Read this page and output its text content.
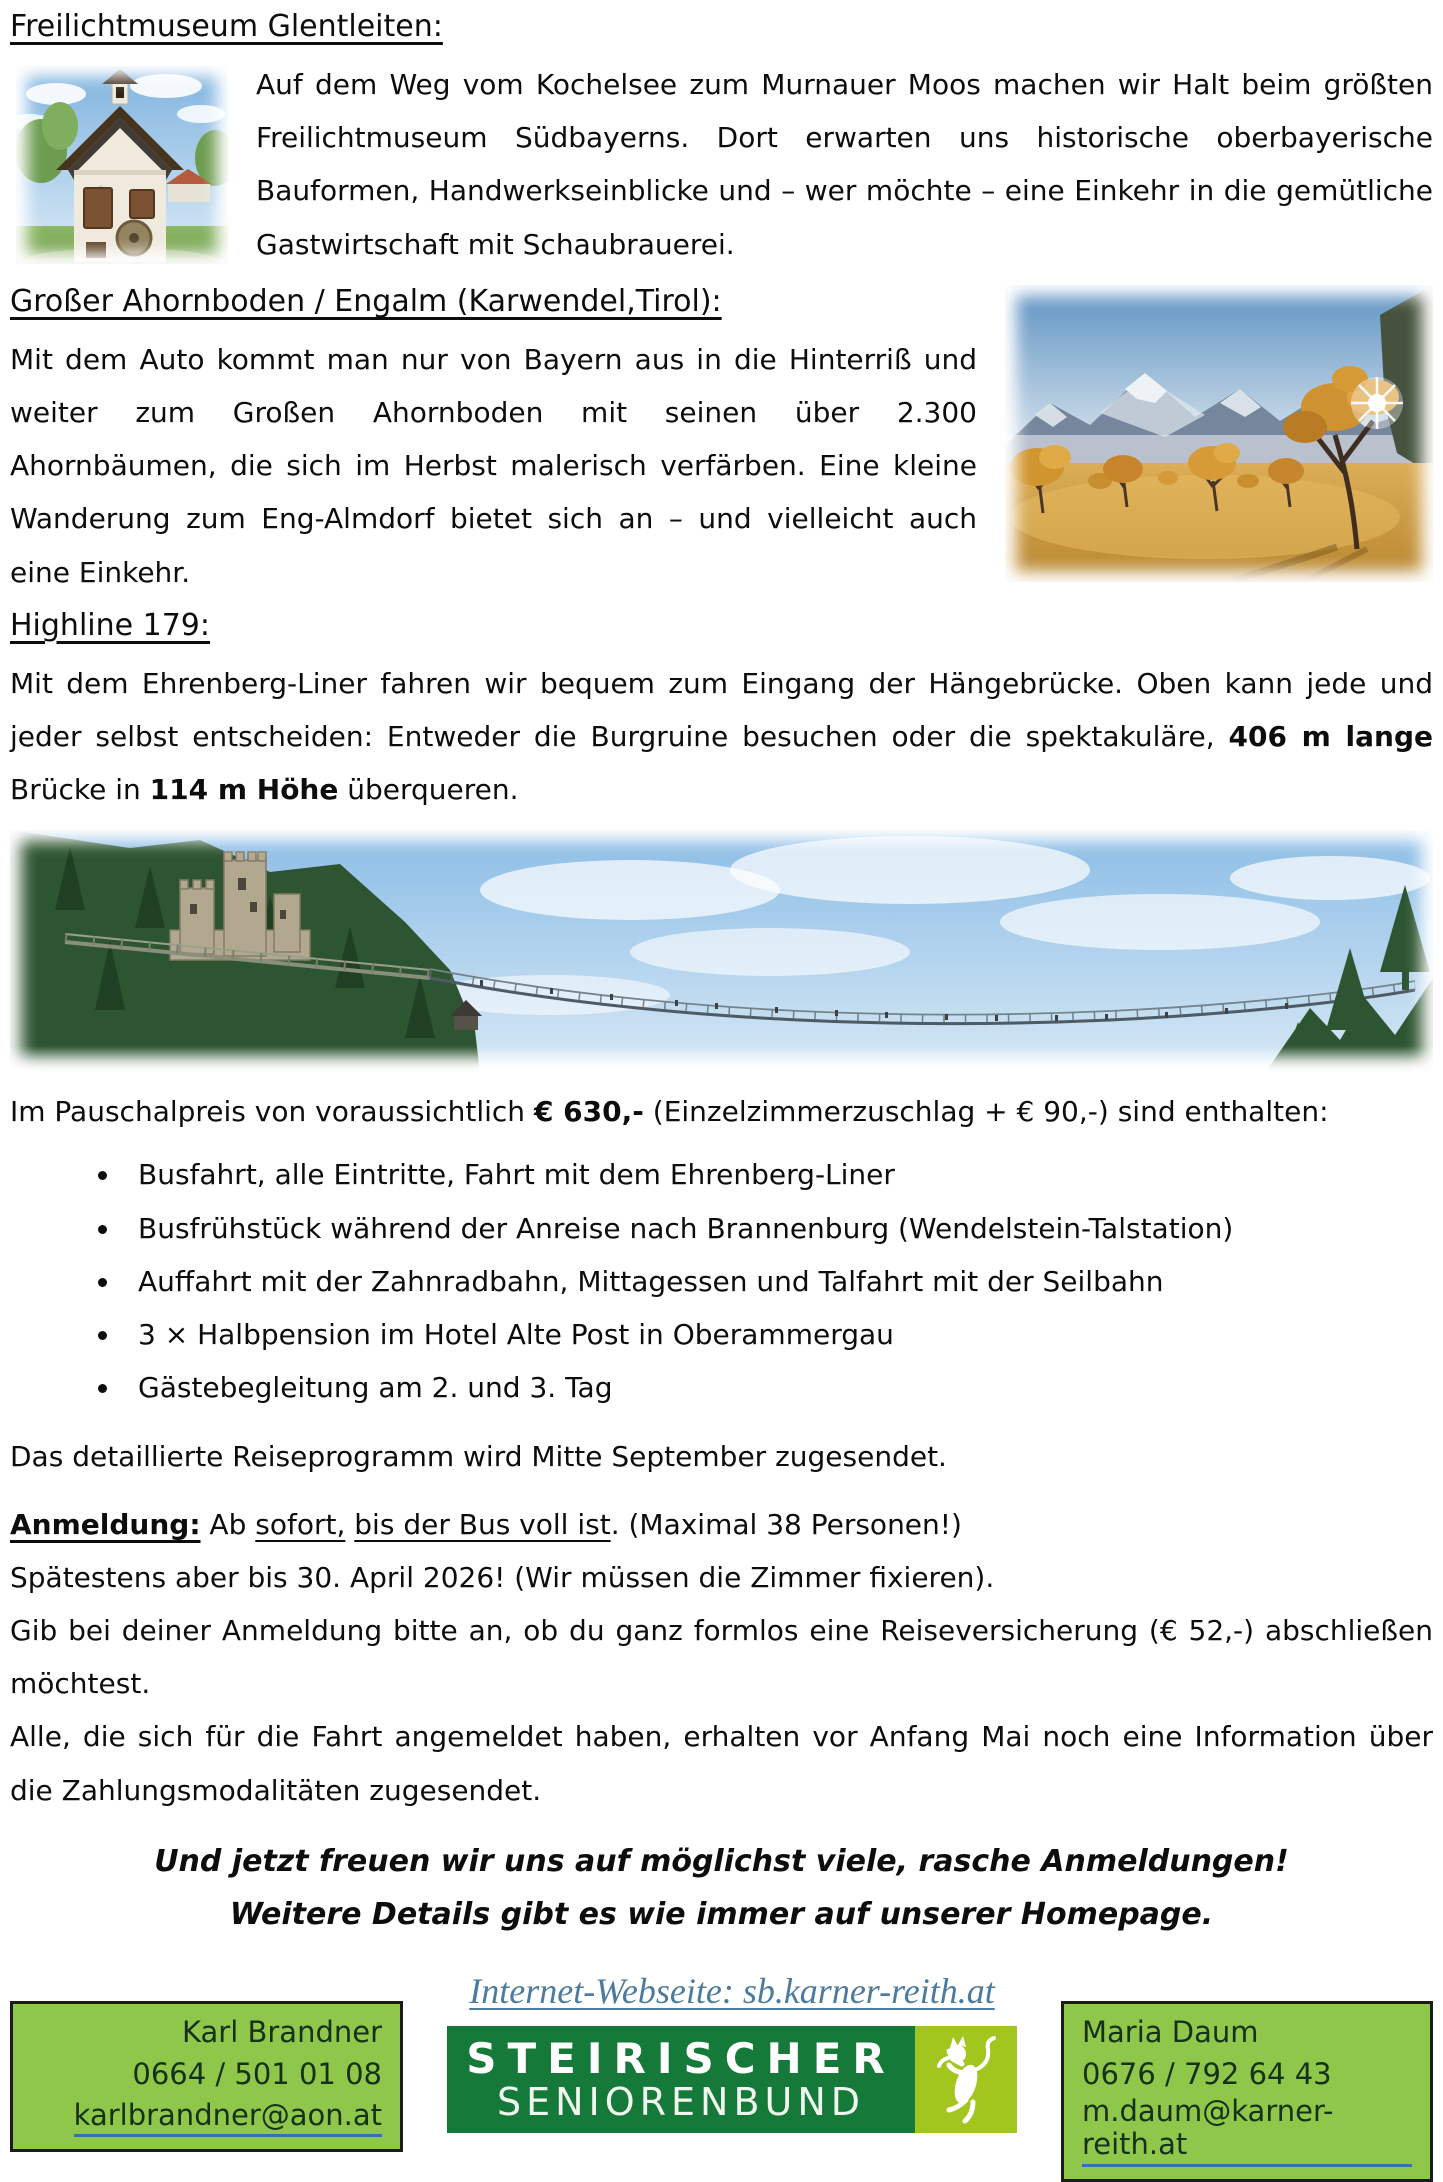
Freilichtmuseum Glentleiten:
Auf dem Weg vom Kochelsee zum Murnauer Moos machen wir Halt beim größten Freilichtmuseum Südbayerns. Dort erwarten uns historische oberbayerische Bauformen, Handwerkseinblicke und – wer möchte – eine Einkehr in die gemütliche Gastwirtschaft mit Schaubrauerei.
Großer Ahornboden / Engalm (Karwendel,Tirol):
Mit dem Auto kommt man nur von Bayern aus in die Hinterriß und weiter zum Großen Ahornboden mit seinen über 2.300 Ahornbäumen, die sich im Herbst malerisch verfärben. Eine kleine Wanderung zum Eng-Almdorf bietet sich an – und vielleicht auch eine Einkehr.
Highline 179:
Mit dem Ehrenberg-Liner fahren wir bequem zum Eingang der Hängebrücke. Oben kann jede und jeder selbst entscheiden: Entweder die Burgruine besuchen oder die spektakuläre, 406 m lange Brücke in 114 m Höhe überqueren.
Im Pauschalpreis von voraussichtlich € 630,- (Einzelzimmerzuschlag + € 90,-) sind enthalten:
• Busfahrt, alle Eintritte, Fahrt mit dem Ehrenberg-Liner
• Busfrühstück während der Anreise nach Brannenburg (Wendelstein-Talstation)
• Auffahrt mit der Zahnradbahn, Mittagessen und Talfahrt mit der Seilbahn
• 3 × Halbpension im Hotel Alte Post in Oberammergau
• Gästebegleitung am 2. und 3. Tag
Das detaillierte Reiseprogramm wird Mitte September zugesendet.
Anmeldung: Ab sofort, bis der Bus voll ist. (Maximal 38 Personen!)
Spätestens aber bis 30. April 2026! (Wir müssen die Zimmer fixieren).
Gib bei deiner Anmeldung bitte an, ob du ganz formlos eine Reiseversicherung (€ 52,-) abschließen möchtest.
Alle, die sich für die Fahrt angemeldet haben, erhalten vor Anfang Mai noch eine Information über die Zahlungsmodalitäten zugesendet.
Und jetzt freuen wir uns auf möglichst viele, rasche Anmeldungen!
Weitere Details gibt es wie immer auf unserer Homepage.
Karl Brandner
0664 / 501 01 08
karlbrandner@aon.at
Internet-Webseite: sb.karner-reith.at
STEIRISCHER
SENIORENBUND
Maria Daum
0676 / 792 64 43
m.daum@karner-reith.at
